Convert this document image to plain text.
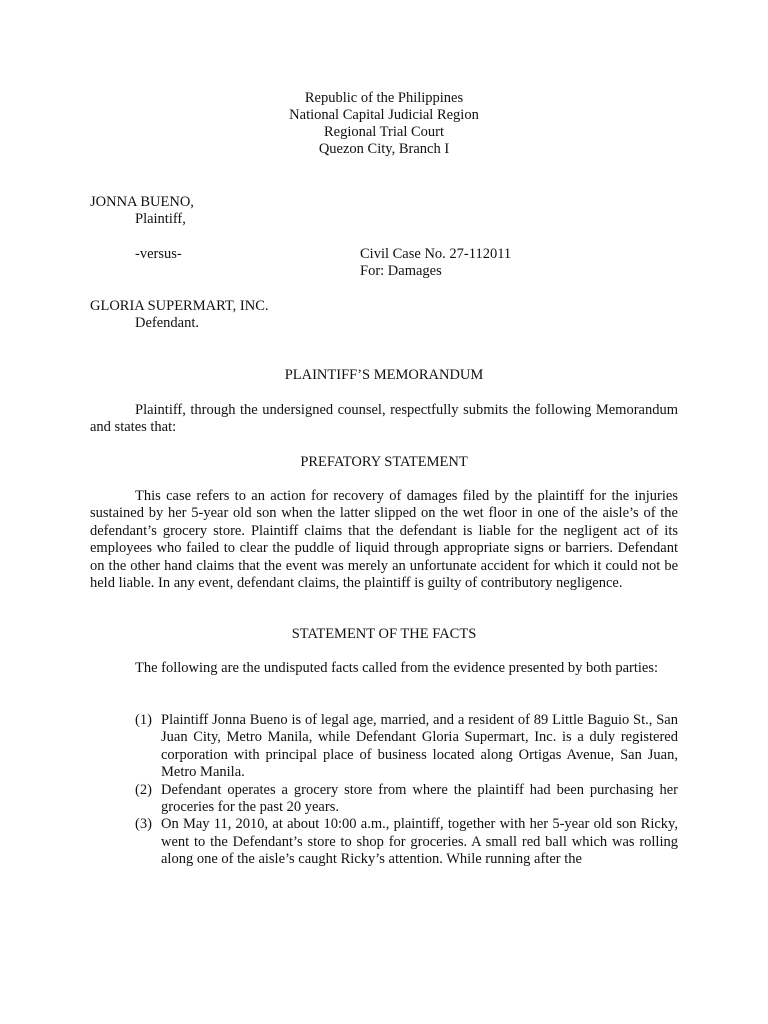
Republic of the Philippines
National Capital Judicial Region
Regional Trial Court
Quezon City, Branch I
JONNA BUENO,
Plaintiff,
-versus-	Civil Case No. 27-112011
For: Damages
GLORIA SUPERMART, INC.
Defendant.
PLAINTIFF’S MEMORANDUM
Plaintiff, through the undersigned counsel, respectfully submits the following Memorandum and states that:
PREFATORY STATEMENT
This case refers to an action for recovery of damages filed by the plaintiff for the injuries sustained by her 5-year old son when the latter slipped on the wet floor in one of the aisle’s of the defendant’s grocery store. Plaintiff claims that the defendant is liable for the negligent act of its employees who failed to clear the puddle of liquid through appropriate signs or barriers. Defendant on the other hand claims that the event was merely an unfortunate accident for which it could not be held liable. In any event, defendant claims, the plaintiff is guilty of contributory negligence.
STATEMENT OF THE FACTS
The following are the undisputed facts called from the evidence presented by both parties:
(1) Plaintiff Jonna Bueno is of legal age, married, and a resident of 89 Little Baguio St., San Juan City, Metro Manila, while Defendant Gloria Supermart, Inc. is a duly registered corporation with principal place of business located along Ortigas Avenue, San Juan, Metro Manila.
(2) Defendant operates a grocery store from where the plaintiff had been purchasing her groceries for the past 20 years.
(3) On May 11, 2010, at about 10:00 a.m., plaintiff, together with her 5-year old son Ricky, went to the Defendant’s store to shop for groceries. A small red ball which was rolling along one of the aisle’s caught Ricky’s attention. While running after the
